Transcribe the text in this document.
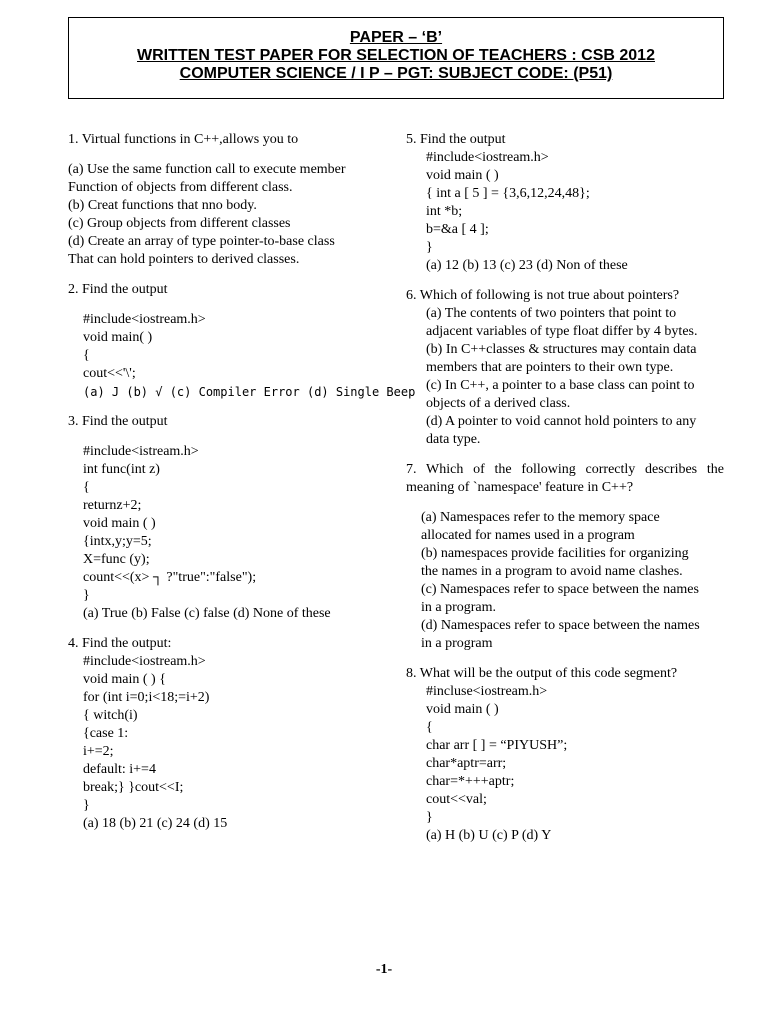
PAPER – ‘B’
WRITTEN TEST PAPER FOR SELECTION OF TEACHERS : CSB 2012
COMPUTER SCIENCE / I P – PGT: SUBJECT CODE: (P51)
1. Virtual functions in C++,allows you to
(a) Use the same function call to execute member
Function of objects from different class.
(b) Creat functions that nno body.
(c) Group objects from different classes
(d) Create an array of type pointer-to-base class
That can hold pointers to derived classes.
2. Find the output
#include<iostream.h>
void main( )
{
cout<<'\';
(a) J (b) √ (c) Compiler Error (d) Single Beep
3. Find the output
#include<istream.h>
int func(int z)
{
returnz+2;
void main ( )
{intx,y;y=5;
X=func (y);
count<<(x> ┐ ?"true":"false");
}
(a) True (b) False (c) false (d) None of these
4. Find the output:
#include<iostream.h>
void main ( ) {
for (int i=0;i<18;=i+2)
{ witch(i)
{case 1:
i+=2;
default: i+=4
break;} }cout<<I;
}
(a) 18 (b) 21 (c) 24 (d) 15
5. Find the output
#include<iostream.h>
void main ( )
{ int a [ 5 ] = {3,6,12,24,48};
int *b;
b=&a [ 4 ];
}
(a) 12 (b) 13 (c) 23 (d) Non of these
6. Which of following is not true about pointers?
(a) The contents of two pointers that point to
adjacent variables of type float differ by 4 bytes.
(b) In C++classes & structures may contain data
members that are pointers to their own type.
(c) In C++, a pointer to a base class can point to
objects of a derived class.
(d) A pointer to void cannot hold pointers to any
data type.
7. Which of the following correctly describes the
meaning of `namespace' feature in C++?
(a) Namespaces refer to the memory space
allocated for names used in a program
(b) namespaces provide facilities for organizing
the names in a program to avoid name clashes.
(c) Namespaces refer to space between the names
in a program.
(d) Namespaces refer to space between the names
in a program
8. What will be the output of this code segment?
#incluse<iostream.h>
void main ( )
{
char arr [ ] = “PIYUSH”;
char*aptr=arr;
char=*+++aptr;
cout<<val;
}
(a) H (b) U (c) P (d) Y
-1-
